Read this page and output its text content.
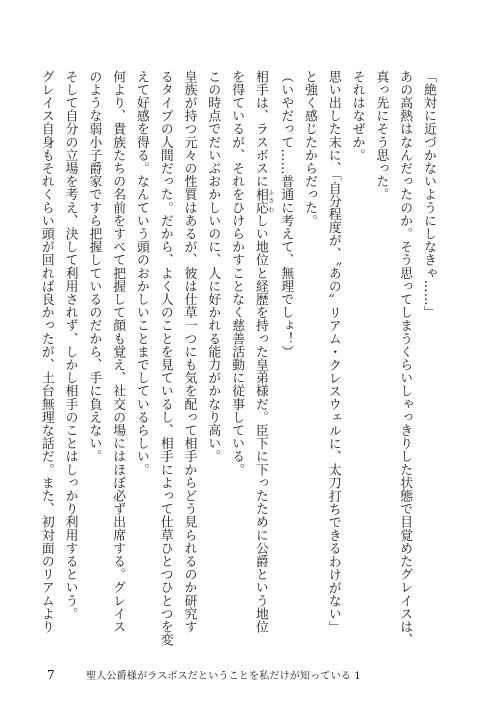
「絶対に近づかないようにしなきゃ……」
あの高熱はなんだったのか。そう思ってしまうくらいしゃっきりした状態で目覚めたグレイスは、
真っ先にそう思った。
それはなぜか。
思い出した末に、「自分程度が、〝あの〟リアム・クレスウェルに、太刀打ちできるわけがない」
と強く感じたからだった。
（いやだって……普通に考えて、無理でしょ！）
相手は、ラスボスに相応 ふさわしい地位と経歴を持った皇弟様だ。臣下に下ったために公爵という地位
を得ているが、それをひけらかすことなく慈善活動に従事している。
この時点でだいぶおかしいのに、人に好かれる能力がかなり高い。
皇族が持つ元々の性質はあるが、彼は仕草一つにも気を配って相手からどう見られるのか研究す
るタイプの人間だった。だから、よく人のことを見ているし、相手によって仕草ひとつひとつを変
えて好感を得る。なんていう頭のおかしいことまでしているらしい。
何より、貴族たちの名前をすべて把握して顔も覚え、社交の場にはほぼ必ず出席する。グレイス
のような弱小子爵家ですら把握しているのだから、手に負えない。
そして自分の立場を考え、決して利用されず、しかし相手のことはしっかり利用するという。
グレイス自身もそれくらい頭が回れば良かったが、土台無理な話だ。また、初対面のリアムより
7	聖人公爵様がラスボスだということを私だけが知っている 1
